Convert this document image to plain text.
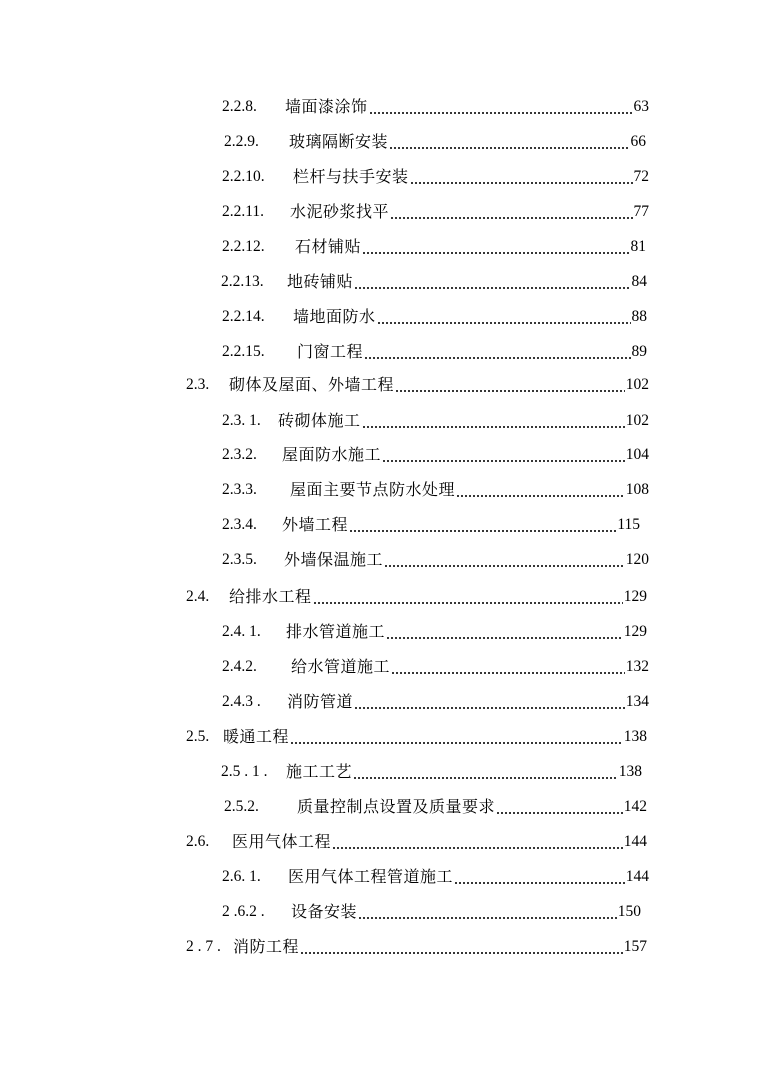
2.2.8.	墙面漆涂饰	63
2.2.9.	玻璃隔断安装	66
2.2.10.	栏杆与扶手安装	72
2.2.11.	水泥砂浆找平	77
2.2.12.	石材铺贴	81
2.2.13.	地砖铺贴	84
2.2.14.	墙地面防水	88
2.2.15.	门窗工程	89
2.3.	砌体及屋面、外墙工程	102
2.3. 1.	砖砌体施工	102
2.3.2.	屋面防水施工	104
2.3.3.	屋面主要节点防水处理	108
2.3.4.	外墙工程	115
2.3.5.	外墙保温施工	120
2.4.	给排水工程	129
2.4. 1.	排水管道施工	129
2.4.2.	给水管道施工	132
2.4.3 .	消防管道	134
2.5. 暖通工程	138
2.5 . 1 .	施工工艺	138
2.5.2.	质量控制点设置及质量要求	142
2.6.	医用气体工程	144
2.6. 1.	医用气体工程管道施工	144
2 .6.2 .	设备安装	150
2 . 7 . 消防工程	157
